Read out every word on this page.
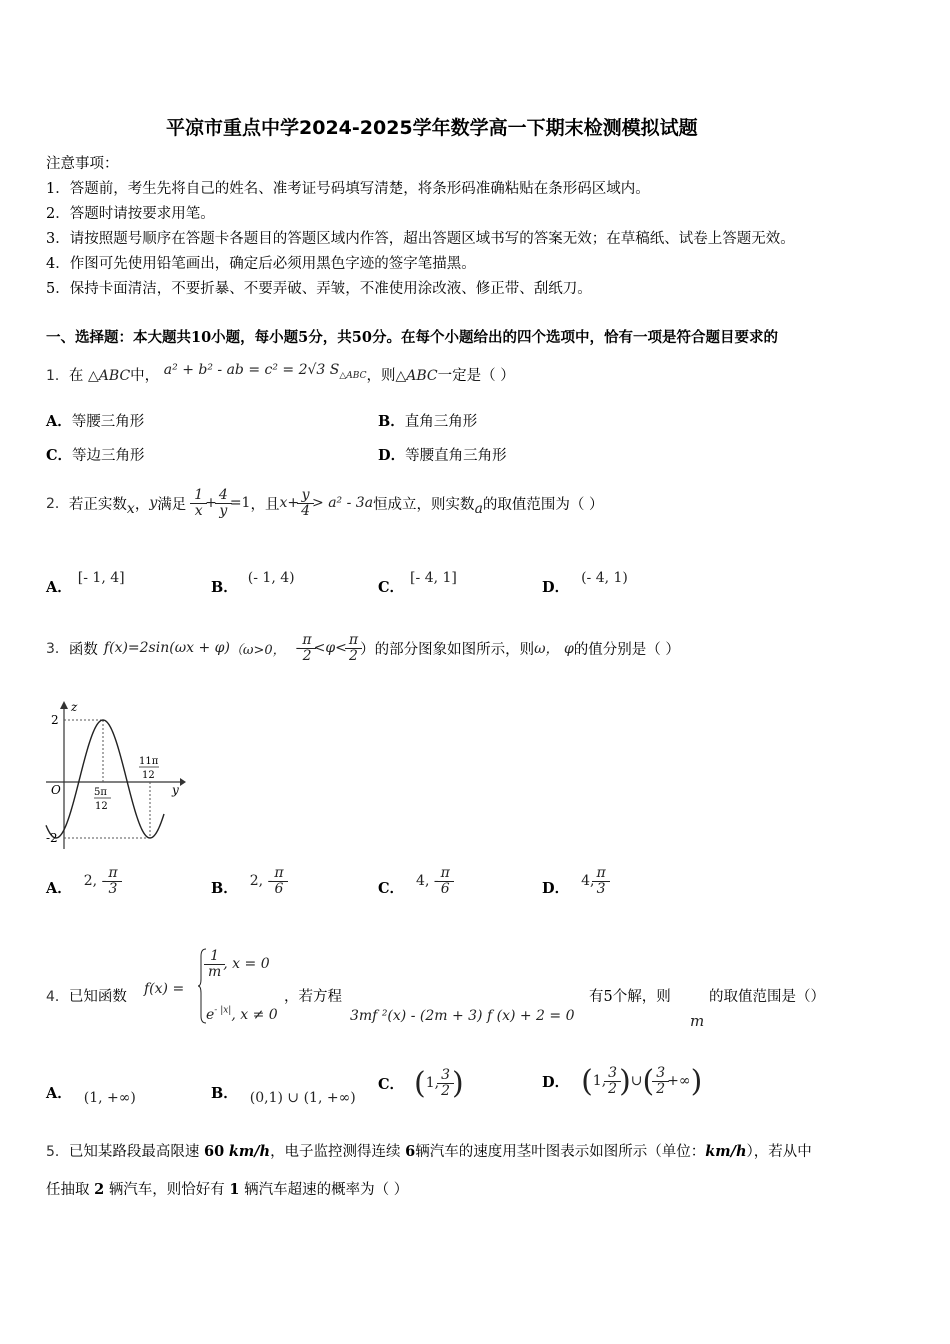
平凉市重点中学2024-2025学年数学高一下期末检测模拟试题
注意事项：
1．答题前，考生先将自己的姓名、准考证号码填写清楚，将条形码准确粘贴在条形码区域内。
2．答题时请按要求用笔。
3．请按照题号顺序在答题卡各题目的答题区域内作答，超出答题区域书写的答案无效；在草稿纸、试卷上答题无效。
4．作图可先使用铅笔画出，确定后必须用黑色字迹的签字笔描黑。
5．保持卡面清洁，不要折暴、不要弄破、弄皱，不准使用涂改液、修正带、刮纸刀。
一、选择题：本大题共10小题，每小题5分，共50分。在每个小题给出的四个选项中，恰有一项是符合题目要求的
1．在 △ABC中， a² + b² - ab = c² = 2√3 S△ABC，则△ABC一定是（ ）
A．等腰三角形	B．直角三角形
C．等边三角形	D．等腰直角三角形
2． 若正实数 x ， y 满足 $\frac{1}{x} + \frac{4}{y} =1$ ，且 $x + \frac{y}{4} > a^2 - 3a$ 恒成立，则实数 a 的取值范围为（ ）
A．[- 1, 4]
B．(- 1, 4)
C．[- 4, 1]
D．(- 4, 1)
3． 函数 f(x)=2sin(ωx + φ) （ω>0， - $\frac{\pi}{2} < \varphi < \frac{\pi}{2}$ ）的部分图象如图所示，则 ω， φ 的值分别是（ ）
z
2
-2
O	y
5π
12
11π
12
A． 2, - $\frac{\pi}{3}$	B． 2, - $\frac{\pi}{6}$	C． 4, - $\frac{\pi}{6}$	D． 4, $\frac{\pi}{3}$
4．已知函数 f(x) =
$\frac{1}{m}$ , x = 0
$e^{- |x|}$, x ≠ 0
，若方程
3mf ²(x) - (2m + 3) f (x) + 2 = 0
有5个解，则
m
的取值范围是（）
A． (1, +∞)	B． (0,1) ∪ (1, +∞)
C． ( 1, $\frac{3}{2}$ )	D． ( 1, $\frac{3}{2}$ ) ∪ ( $\frac{3}{2}$ +∞ )
5．已知某路段最高限速 60 km/h，电子监控测得连续 6辆汽车的速度用茎叶图表示如图所示（单位：km/h），若从中
任抽取 2 辆汽车，则恰好有 1 辆汽车超速的概率为（ ）
